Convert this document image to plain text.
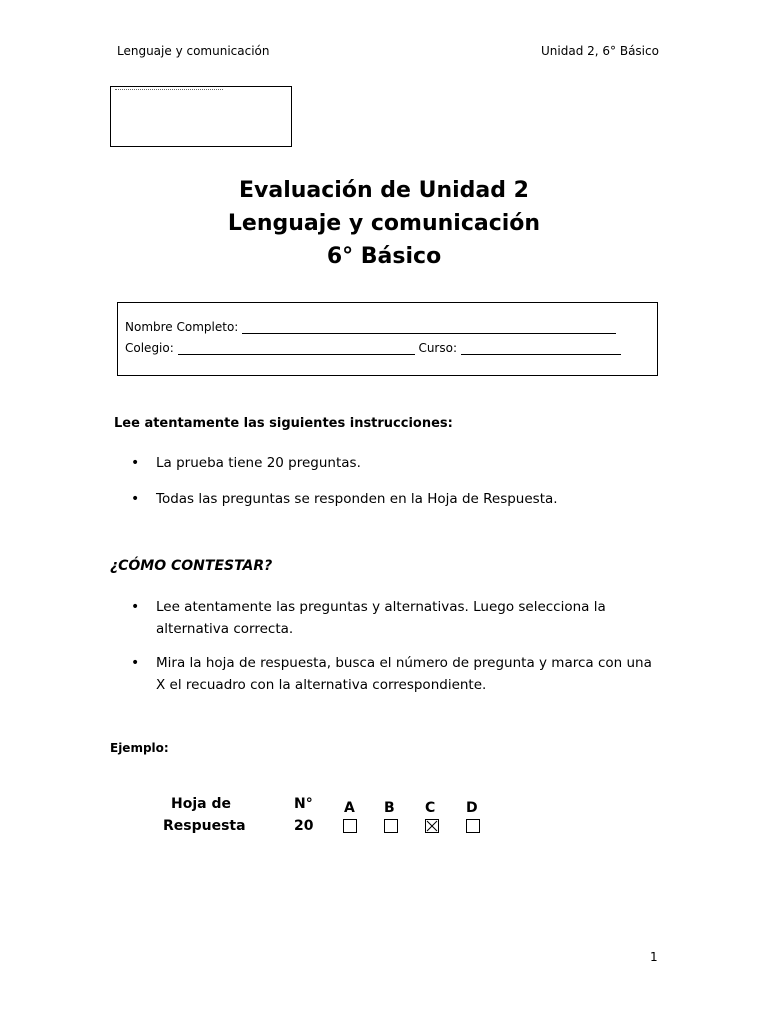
Lenguaje y comunicación	Unidad 2, 6° Básico
Evaluación de Unidad 2
Lenguaje y comunicación
6° Básico
Nombre Completo:
Colegio:	Curso:
Lee atentamente las siguientes instrucciones:
• La prueba tiene 20 preguntas.
• Todas las preguntas se responden en la Hoja de Respuesta.
¿CÓMO CONTESTAR?
• Lee atentamente las preguntas y alternativas. Luego selecciona la alternativa correcta.
• Mira la hoja de respuesta, busca el número de pregunta y marca con una X el recuadro con la alternativa correspondiente.
Ejemplo:
Hoja de
Respuesta
N°
20
A B C D
1
